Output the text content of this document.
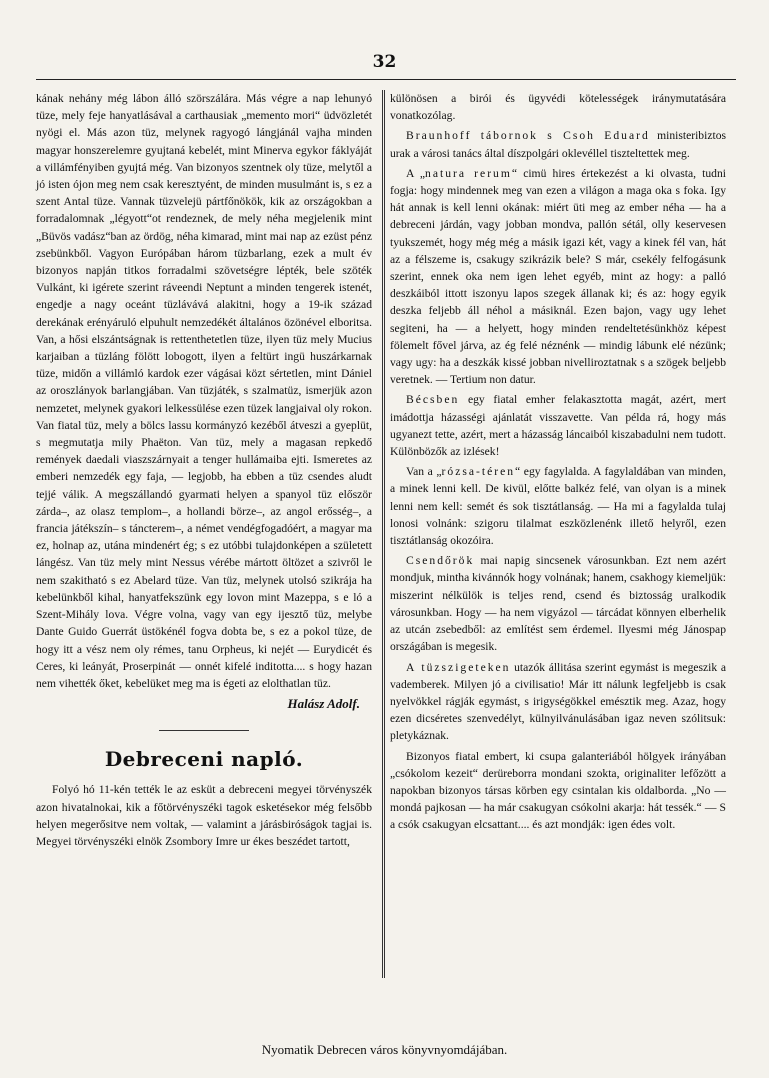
32

kának nehány még lábon álló szörszálára. Más végre a nap lehunyó tüze, mely feje hanyatlásával a carthausiak „memento mori“ üdvözletét nyögi el. Más azon tüz, melynek ragyogó lángjánál vajha minden magyar honszerelemre gyujtaná kebelét, mint Minerva egykor fáklyáját a villámfényiben gyujtá még. Van bizonyos szentnek oly tüze, melytől a jó isten ójon meg nem csak keresztyént, de minden musulmánt is, s ez a szent Antal tüze. Vannak tüzvelejü pártfőnökök, kik az országokban a forradalomnak „légyott“ot rendeznek, de mely néha megjelenik mint „Büvös vadász“ban az ördög, néha kimarad, mint mai nap az ezüst pénz zsebünkből. Vagyon Európában három tüzbarlang, ezek a mult év bizonyos napján titkos forradalmi szövetségre lépték, bele szöték Vulkánt, ki igérete szerint ráveendi Neptunt a minden tengerek istenét, engedje a nagy oceánt tüzlávává alakitni, hogy a 19-ik század derekának erényáruló elpuhult nemzedékét általános özönével elboritsa. Van, a hősi elszántságnak is rettenthetetlen tüze, ilyen tüz mely Mucius karjaiban a tüzláng fölött lobogott, ilyen a feltürt ingü huszárkarnak tüze, midőn a villámló kardok ezer vágásai közt sértetlen, mint Dániel az oroszlányok barlangjában. Van tüzjáték, s szalmatüz, ismerjük azon nemzetet, melynek gyakori lelkessülése ezen tüzek langjaival oly rokon. Van fiatal tüz, mely a bölcs lassu kormányzó kezéből átveszi a gyeplüt, s megmutatja mily Phaëton. Van tüz, mely a magasan repkedő remények daedali viaszszárnyait a tenger hullámaiba ejti. Ismeretes az emberi nemzedék egy faja, — legjobb, ha ebben a tüz csendes aludt tejjé válik. A megszállandó gyarmati helyen a spanyol tüz először zárda–, az olasz templom–, a hollandi börze–, az angol erősség–, a francia játékszín– s táncterem–, a német vendégfogadóért, a magyar ma ez, holnap az, utána mindenért ég; s ez utóbbi tulajdonképen a született lángész. Van tüz mely mint Nessus vérébe mártott öltözet a szivről le nem szakitható s ez Abelard tüze. Van tüz, melynek utolsó szikrája ha kebelünkből kihal, hanyatfekszünk egy lovon mint Mazeppa, s e ló a Szent-Mihály lova. Végre volna, vagy van egy ijesztő tüz, melybe Dante Guido Guerrát üstökénél fogva dobta be, s ez a pokol tüze, de hogy itt a vész nem oly rémes, tanu Orpheus, ki nejét — Eurydicét és Ceres, ki leányát, Proserpinát — onnét kifelé inditotta.... s hogy hazan nem vihették őket, kebelüket meg ma is égeti az elolthatlan tüz.

Halász Adolf.

Debreceni napló.

Folyó hó 11-kén tették le az esküt a debreceni megyei törvényszék azon hivatalnokai, kik a főtörvényszéki tagok esketésekor még felsőbb helyen megerősitve nem voltak, — valamint a járásbiróságok tagjai is. Megyei törvényszéki elnök Zsombory Imre ur ékes beszédet tartott,

különösen a birói és ügyvédi kötelességek iránymutatására vonatkozólag.

Braunhoff tábornok s Csoh Eduard ministeribiztos urak a városi tanács által díszpolgári oklevéllel tiszteltettek meg.

A „natura rerum“ cimü hires értekezést a ki olvasta, tudni fogja: hogy mindennek meg van ezen a világon a maga oka s foka. Igy hát annak is kell lenni okának: miért üti meg az ember néha — ha a debreceni járdán, vagy jobban mondva, pallón sétál, olly keservesen tyukszemét, hogy még még a másik igazi két, vagy a kinek fél van, hát az a félszeme is, csakugy szikrázik bele? S már, csekély felfogásunk szerint, ennek oka nem igen lehet egyéb, mint az hogy: a palló deszkáiból ittott iszonyu lapos szegek állanak ki; és az: hogy egyik deszka feljebb áll néhol a másiknál. Ezen bajon, vagy ugy lehet segiteni, ha — a helyett, hogy minden rendeltetésünkhöz képest fölemelt fővel járva, az ég felé néznénk — mindig lábunk elé nézünk; vagy ugy: ha a deszkák kissé jobban nivelliroztatnak s a szögek beljebb veretnek. — Tertium non datur.

Bécsben egy fiatal emher felakasztotta magát, azért, mert imádottja házasségi ajánlatát visszavette. Van példa rá, hogy más ugyanezt tette, azért, mert a házasság láncaiból kiszabadulni nem tudott. Különbözők az izlések!

Van a „rózsa-téren“ egy fagylalda. A fagylaldában van minden, a minek lenni kell. De kivül, előtte balkéz felé, van olyan is a minek lenni nem kell: semét és sok tisztátlanság. — Ha mi a fagylalda tulaj lonosi volnánk: szigoru tilalmat eszközlenénk illető helyről, ezen tisztátlanság okozóira.

Csendőrök mai napig sincsenek városunkban. Ezt nem azért mondjuk, mintha kivánnók hogy volnának; hanem, csakhogy kiemeljük: miszerint nélkülök is teljes rend, csend és biztosság uralkodik városunkban. Hogy — ha nem vigyázol — tárcádat könnyen elberhelik az utcán zsebedből: az említést sem érdemel. Ilyesmi még Jánospap országában is megesik.

A tüzszigeteken utazók állitása szerint egymást is megeszik a vademberek. Milyen jó a civilisatio! Már itt nálunk legfeljebb is csak nyelvökkel rágják egymást, s irigységökkel emésztik meg. Azaz, hogy ezen dicséretes szenvedélyt, külnyilvánulásában igaz neven szólitsuk: pletykáznak.

Bizonyos fiatal embert, ki csupa galanteriából hölgyek irányában „csókolom kezeit“ derüreborra mondani szokta, originaliter lefőzött a napokban bizonyos társas körben egy csintalan kis oldalborda. „No — mondá pajkosan — ha már csakugyan csókolni akarja: hát tessék.“ — S a csók csakugyan elcsattant.... és azt mondják: igen édes volt.

Nyomatik Debrecen város könyvnyomdájában.
